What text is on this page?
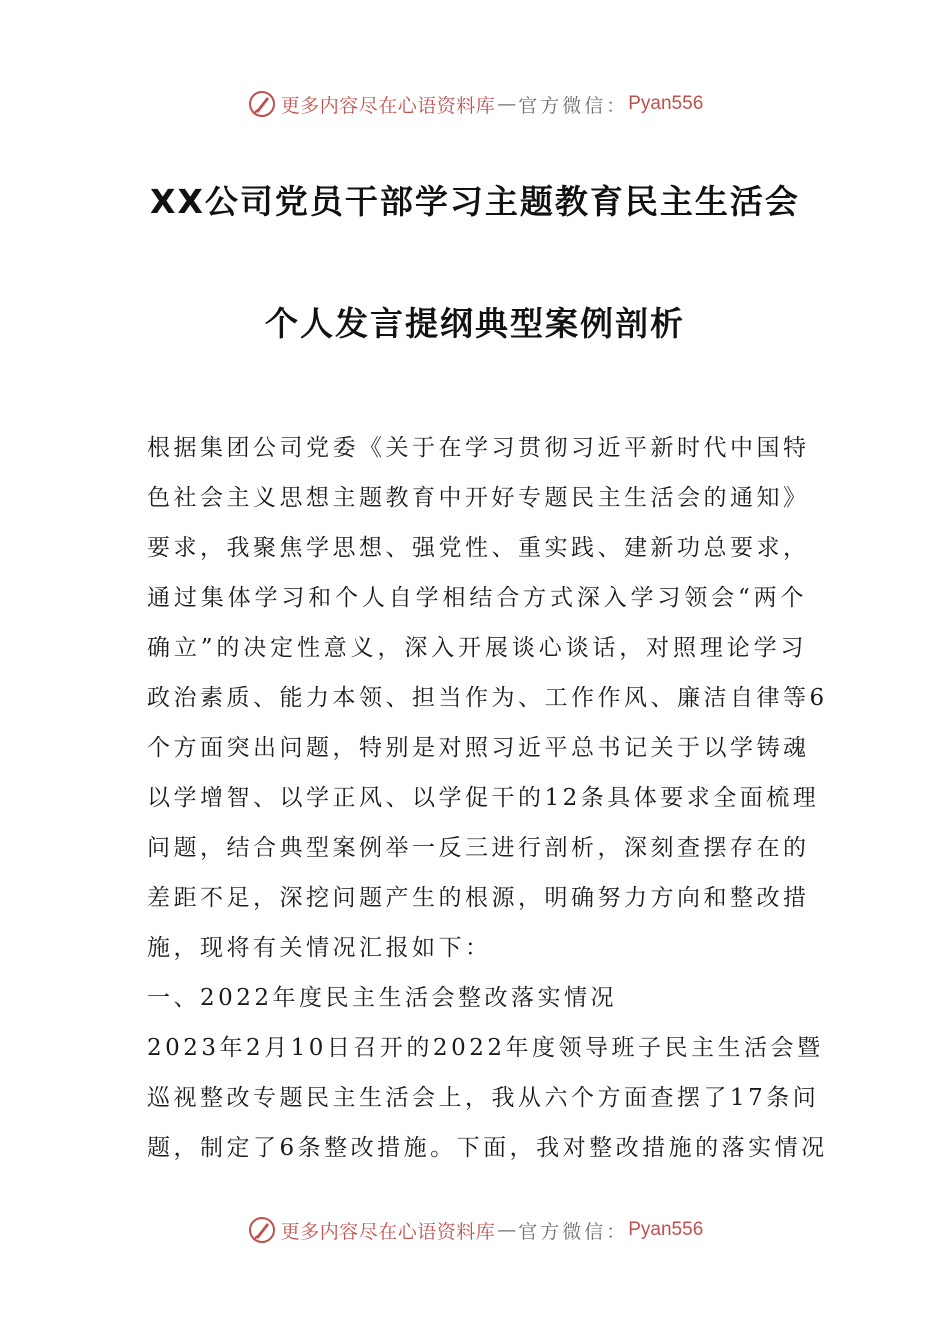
更多内容尽在心语资料库 — 官方微信： Pyan556
XX公司党员干部学习主题教育民主生活会
个人发言提纲典型案例剖析
根据集团公司党委《关于在学习贯彻习近平新时代中国特
色社会主义思想主题教育中开好专题民主生活会的通知》
要求，我聚焦学思想、强党性、重实践、建新功总要求，
通过集体学习和个人自学相结合方式深入学习领会“两个
确立”的决定性意义，深入开展谈心谈话，对照理论学习
政治素质、能力本领、担当作为、工作作风、廉洁自律等6
个方面突出问题，特别是对照习近平总书记关于以学铸魂
以学增智、以学正风、以学促干的12条具体要求全面梳理
问题，结合典型案例举一反三进行剖析，深刻查摆存在的
差距不足，深挖问题产生的根源，明确努力方向和整改措
施，现将有关情况汇报如下：
一、2022年度民主生活会整改落实情况
2023年2月10日召开的2022年度领导班子民主生活会暨
巡视整改专题民主生活会上，我从六个方面查摆了17条问
题，制定了6条整改措施。下面，我对整改措施的落实情况
更多内容尽在心语资料库 — 官方微信： Pyan556
